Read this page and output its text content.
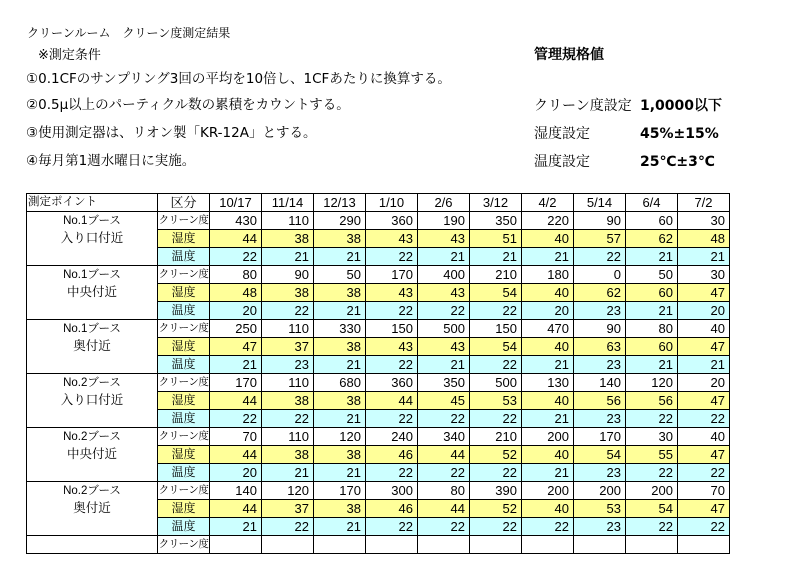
クリーンルーム　クリーン度測定結果
※測定条件
①0.1CFのサンプリング3回の平均を10倍し、1CFあたりに換算する。
②0.5μ以上のパーティクル数の累積をカウントする。
③使用測定器は、リオン製「KR-12A」とする。
④毎月第1週水曜日に実施。
管理規格値
クリーン度設定 1,0000以下
湿度設定	45%±15%
温度設定	25℃±3℃
測定ポイント	区分	10/17	11/14	12/13	1/10	2/6	3/12	4/2	5/14	6/4	7/2

No.1ブース
入り口付近	クリーン度	430	110	290	360	190	350	220	90	60	30
	湿度	44	38	38	43	43	51	40	57	62	48
	温度	22	21	21	22	21	21	21	22	21	21

No.1ブース
中央付近	クリーン度	80	90	50	170	400	210	180	0	50	30
	湿度	48	38	38	43	43	54	40	62	60	47
	温度	20	22	21	22	22	22	20	23	21	20

No.1ブース
奥付近	クリーン度	250	110	330	150	500	150	470	90	80	40
	湿度	47	37	38	43	43	54	40	63	60	47
	温度	21	23	21	22	21	22	21	23	21	21

No.2ブース
入り口付近	クリーン度	170	110	680	360	350	500	130	140	120	20
	湿度	44	38	38	44	45	53	40	56	56	47
	温度	22	22	21	22	22	22	21	23	22	22

No.2ブース
中央付近	クリーン度	70	110	120	240	340	210	200	170	30	40
	湿度	44	38	38	46	44	52	40	54	55	47
	温度	20	21	21	22	22	22	21	23	22	22

No.2ブース
奥付近	クリーン度	140	120	170	300	80	390	200	200	200	70
	湿度	44	37	38	46	44	52	40	53	54	47
	温度	21	22	21	22	22	22	22	23	22	22
	クリーン度										
